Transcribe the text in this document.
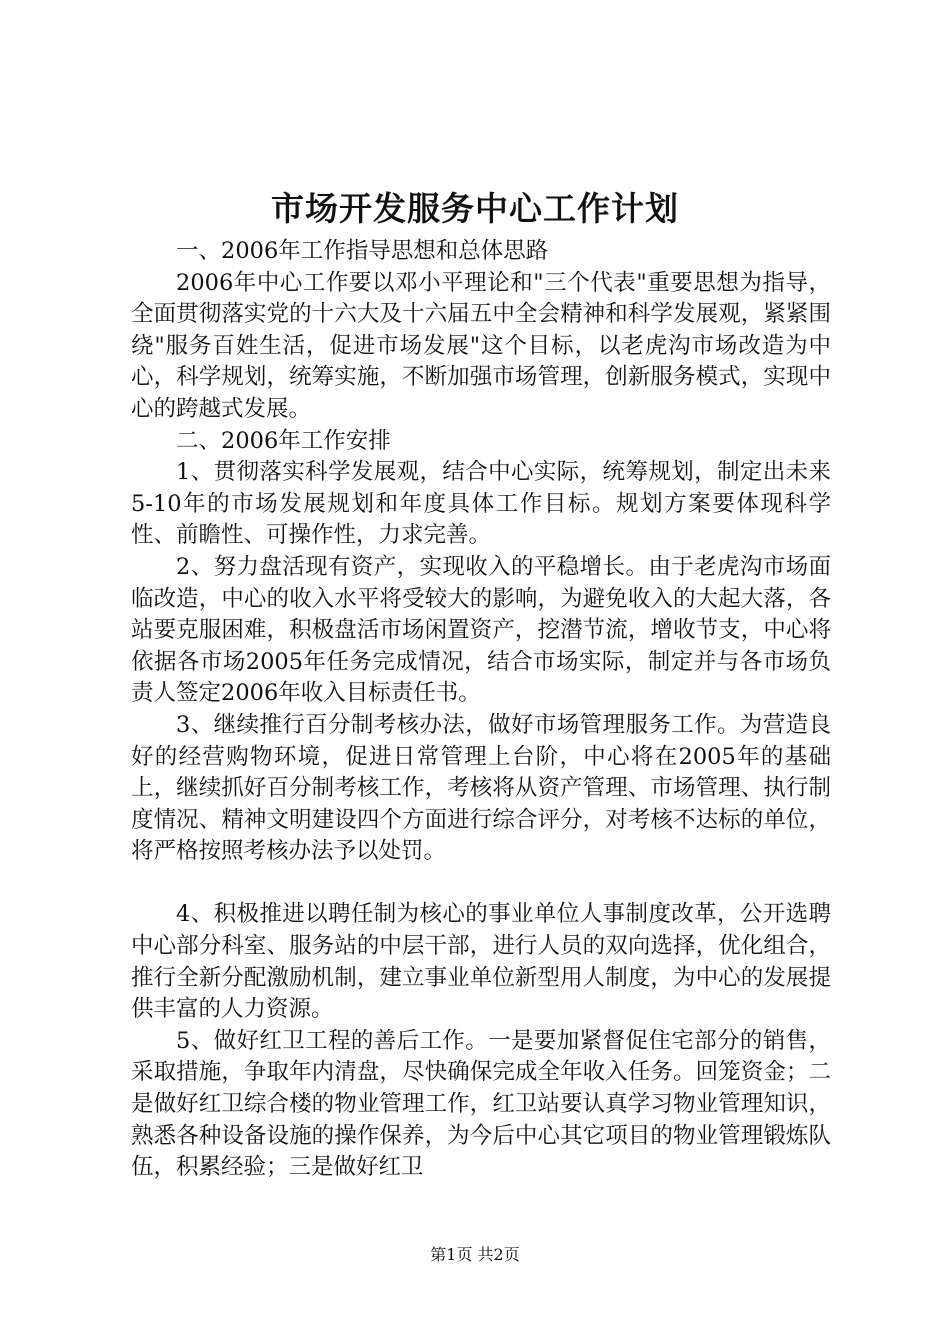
市场开发服务中心工作计划

一、2006年工作指导思想和总体思路

2006年中心工作要以邓小平理论和"三个代表"重要思想为指导，全面贯彻落实党的十六大及十六届五中全会精神和科学发展观，紧紧围绕"服务百姓生活，促进市场发展"这个目标，以老虎沟市场改造为中心，科学规划，统筹实施，不断加强市场管理，创新服务模式，实现中心的跨越式发展。

二、2006年工作安排

1、贯彻落实科学发展观，结合中心实际，统筹规划，制定出未来5-10年的市场发展规划和年度具体工作目标。规划方案要体现科学性、前瞻性、可操作性，力求完善。

2、努力盘活现有资产，实现收入的平稳增长。由于老虎沟市场面临改造，中心的收入水平将受较大的影响，为避免收入的大起大落，各站要克服困难，积极盘活市场闲置资产，挖潜节流，增收节支，中心将依据各市场2005年任务完成情况，结合市场实际，制定并与各市场负责人签定2006年收入目标责任书。

3、继续推行百分制考核办法，做好市场管理服务工作。为营造良好的经营购物环境，促进日常管理上台阶，中心将在2005年的基础上，继续抓好百分制考核工作，考核将从资产管理、市场管理、执行制度情况、精神文明建设四个方面进行综合评分，对考核不达标的单位，将严格按照考核办法予以处罚。

4、积极推进以聘任制为核心的事业单位人事制度改革，公开选聘中心部分科室、服务站的中层干部，进行人员的双向选择，优化组合，推行全新分配激励机制，建立事业单位新型用人制度，为中心的发展提供丰富的人力资源。

5、做好红卫工程的善后工作。一是要加紧督促住宅部分的销售，采取措施，争取年内清盘，尽快确保完成全年收入任务。回笼资金；二是做好红卫综合楼的物业管理工作，红卫站要认真学习物业管理知识，熟悉各种设备设施的操作保养，为今后中心其它项目的物业管理锻炼队伍，积累经验；三是做好红卫

第1页 共2页
